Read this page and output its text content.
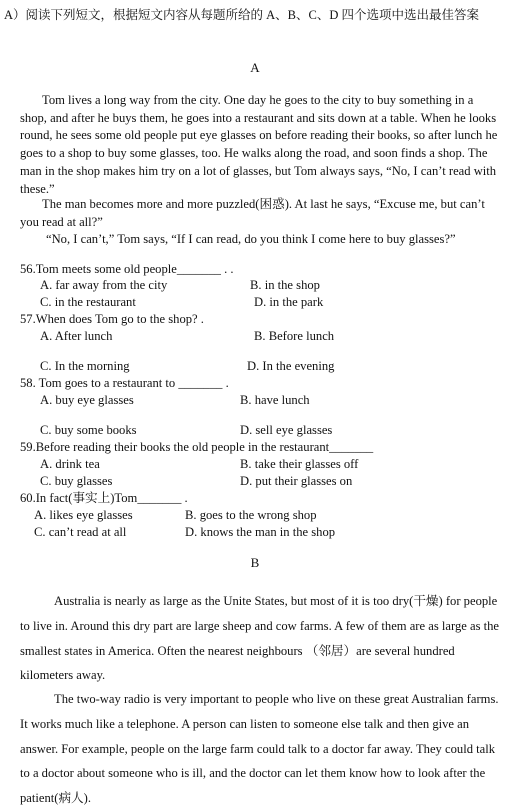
A）阅读下列短文，根据短文内容从每题所给的 A、B、C、D 四个选项中选出最佳答案
A
Tom lives a long way from the city. One day he goes to the city to buy something in a shop, and after he buys them, he goes into a restaurant and sits down at a table. When he looks round, he sees some old people put eye glasses on before reading their books, so after lunch he goes to a shop to buy some glasses, too. He walks along the road, and soon finds a shop. The man in the shop makes him try on a lot of glasses, but Tom always says, “No, I can’t read with these.”
The man becomes more and more puzzled(困惑). At last he says, “Excuse me, but can’t you read at all?”
“No, I can’t,” Tom says, “If I can read, do you think I come here to buy glasses?”
56.Tom meets some old people_______ . .
A. far away from the city	B. in the shop
C. in the restaurant	D. in the park
57.When does Tom go to the shop? .
A. After lunch	B. Before lunch
C. In the morning	D. In the evening
58. Tom goes to a restaurant to _______ .
A. buy eye glasses	B. have lunch
C. buy some books	D. sell eye glasses
59.Before reading their books the old people in the restaurant_______
A. drink tea	B. take their glasses off
C. buy glasses	D. put their glasses on
60.In fact(事实上)Tom_______ .
A. likes eye glasses	B. goes to the wrong shop
C. can’t read at all	D. knows the man in the shop
B
Australia is nearly as large as the Unite States, but most of it is too dry(干燥) for people to live in. Around this dry part are large sheep and cow farms. A few of them are as large as the smallest states in America. Often the nearest neighbours （邻居）are several hundred kilometers away.
The two-way radio is very important to people who live on these great Australian farms. It works much like a telephone. A person can listen to someone else talk and then give an answer. For example, people on the large farm could talk to a doctor far away. They could talk to a doctor about someone who is ill, and the doctor can let them know how to look after the patient(病人).
